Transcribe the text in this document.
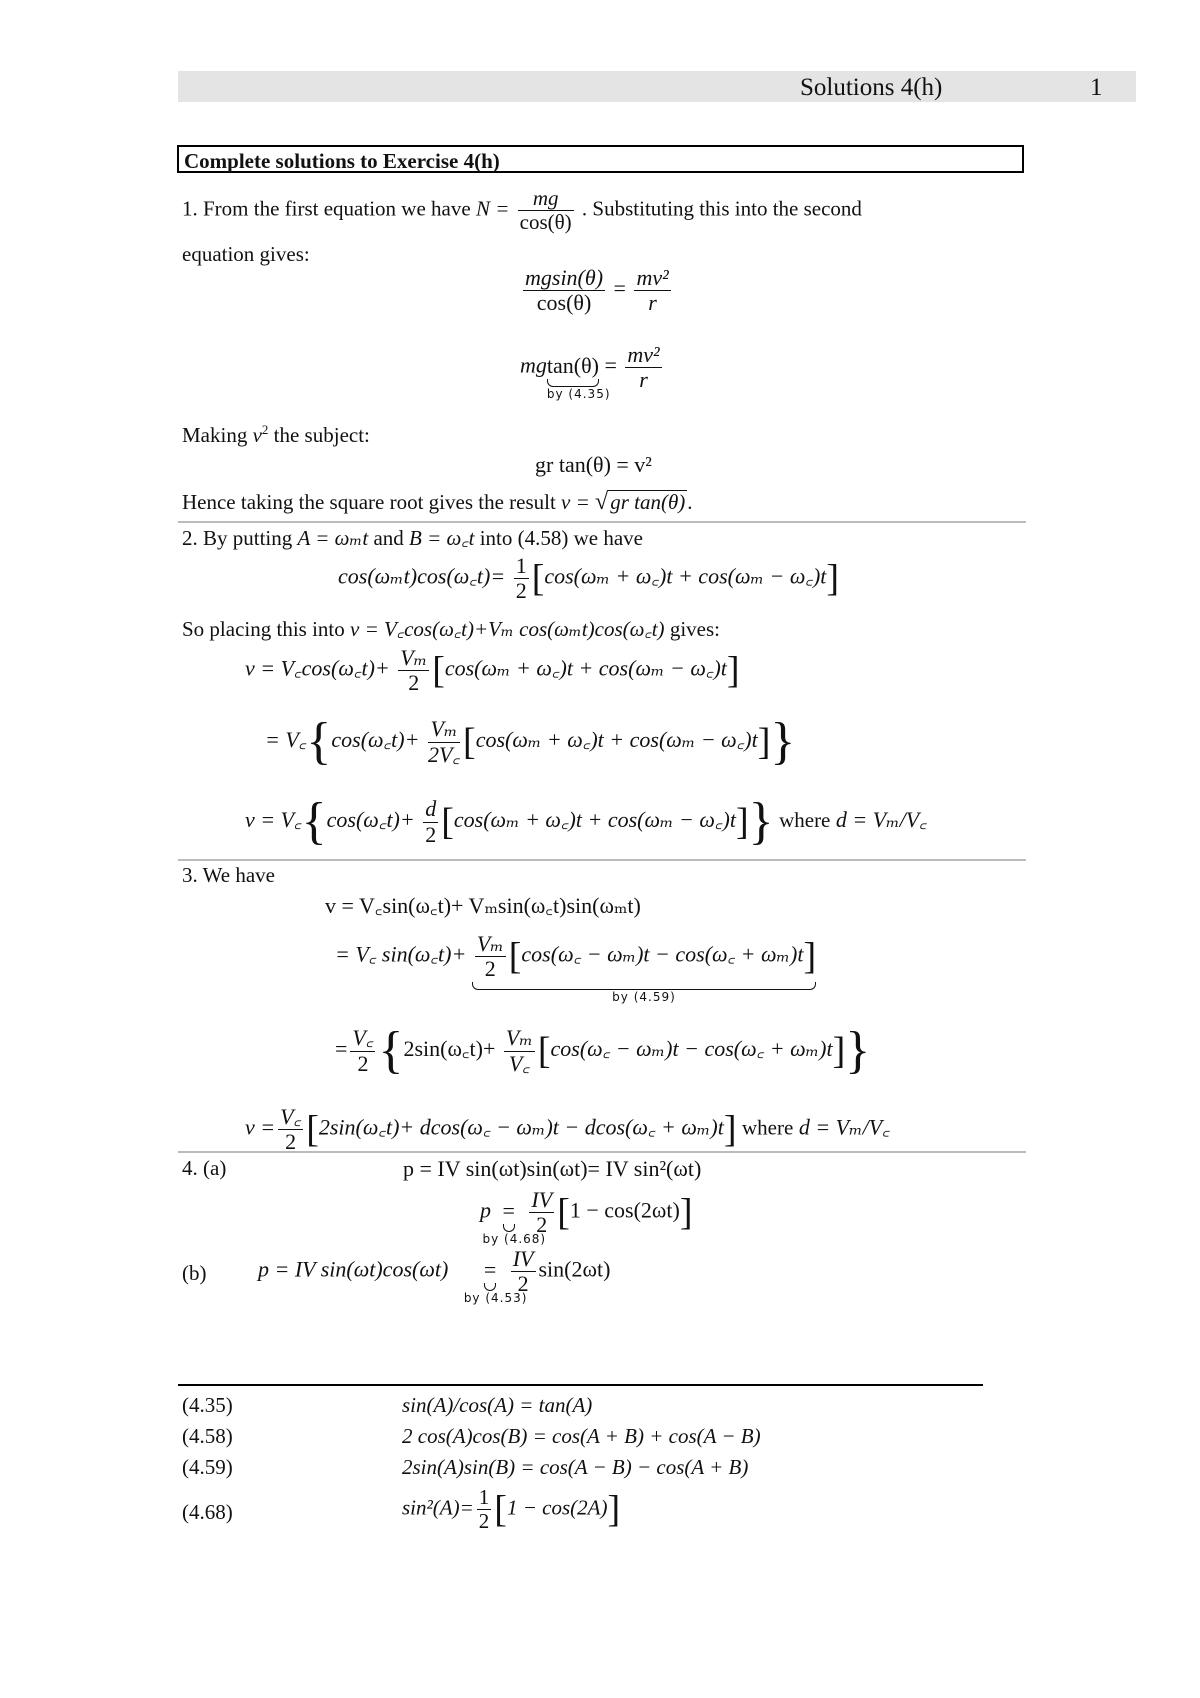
Solutions 4(h)	1
Complete solutions to Exercise 4(h)
1. From the first equation we have $N = \frac{mg}{\cos(\theta)}$ . Substituting this into the second
equation gives:
$\frac{mgsin(\theta)}{\cos(\theta)} = \frac{\text{mv²}}{r}$
mgtan(θ)
by (4.35)
= $\frac{\text{mv²}}{r}$
Making $v^2$ the subject:
gr tan(θ) = v²
Hence taking the square root gives the result v = √gr tan(θ).
2. By putting A = ωₘt and B = ω꜀t into (4.58) we have
cos(ωₘt)cos(ω꜀t)= $\frac{1}{2} [\cos(\omega_m$ + ω꜀)t + cos(ωₘ − ω꜀)t]
So placing this into v = V꜀cos(ω꜀t)+Vₘ cos(ωₘt)cos(ω꜀t) gives:
v = V꜀cos(ω꜀t)+ $\frac{\text{Vₘ}}{2} [\cos(\omega_m$ + ω꜀)t + cos(ωₘ − ω꜀)t]
= V꜀{cos(ω꜀t)+ $\frac{\text{Vₘ}}{2V꜀}[\cos(\omega_m$ + ω꜀)t + cos(ωₘ − ω꜀)t]}
v = V꜀{cos(ω꜀t)+ $\frac{d}{2} [\cos(\omega_m$ + ω꜀)t + cos(ωₘ − ω꜀)t]} where d = Vₘ/V꜀
3. We have
v = V꜀sin(ω꜀t)+ Vₘsin(ω꜀t)sin(ωₘt)
= V꜀ sin(ω꜀t)+ $\frac{\text{Vₘ}}{2}$ [cos(ω꜀ − ωₘ)t − cos(ω꜀ + ωₘ)t]
by (4.59)
= $\frac{V꜀}{2}$ {2sin(ω꜀t)+ $\frac{\text{Vₘ}}{V꜀}[\cos(\omega꜀ - \omega_m)t$ − cos(ω꜀ + ωₘ)t]}
$v = \frac{V꜀}{2}$ [2sin(ω꜀t)+ dcos(ω꜀ − ωₘ)t − dcos(ω꜀ + ωₘ)t] where d = Vₘ/V꜀
4. (a)	p = IV sin(ωt)sin(ωt)= IV sin²(ωt)
p =
by (4.68)

$\frac{IV}{2} [1 - \cos(2\omega t)]$
(b) p = IV sin(ωt)cos(ωt) =
by (4.53)

$\frac{IV}{2} \sin(2\omega t)$
(4.35)	sin(A)/cos(A) = tan(A)
(4.58)	2 cos(A)cos(B) = cos(A + B) + cos(A − B)
(4.59)	2sin(A)sin(B) = cos(A − B) − cos(A + B)
(4.68)	$\sin^2(A)= \frac{1}{2} [1 - \cos(2A)]$
